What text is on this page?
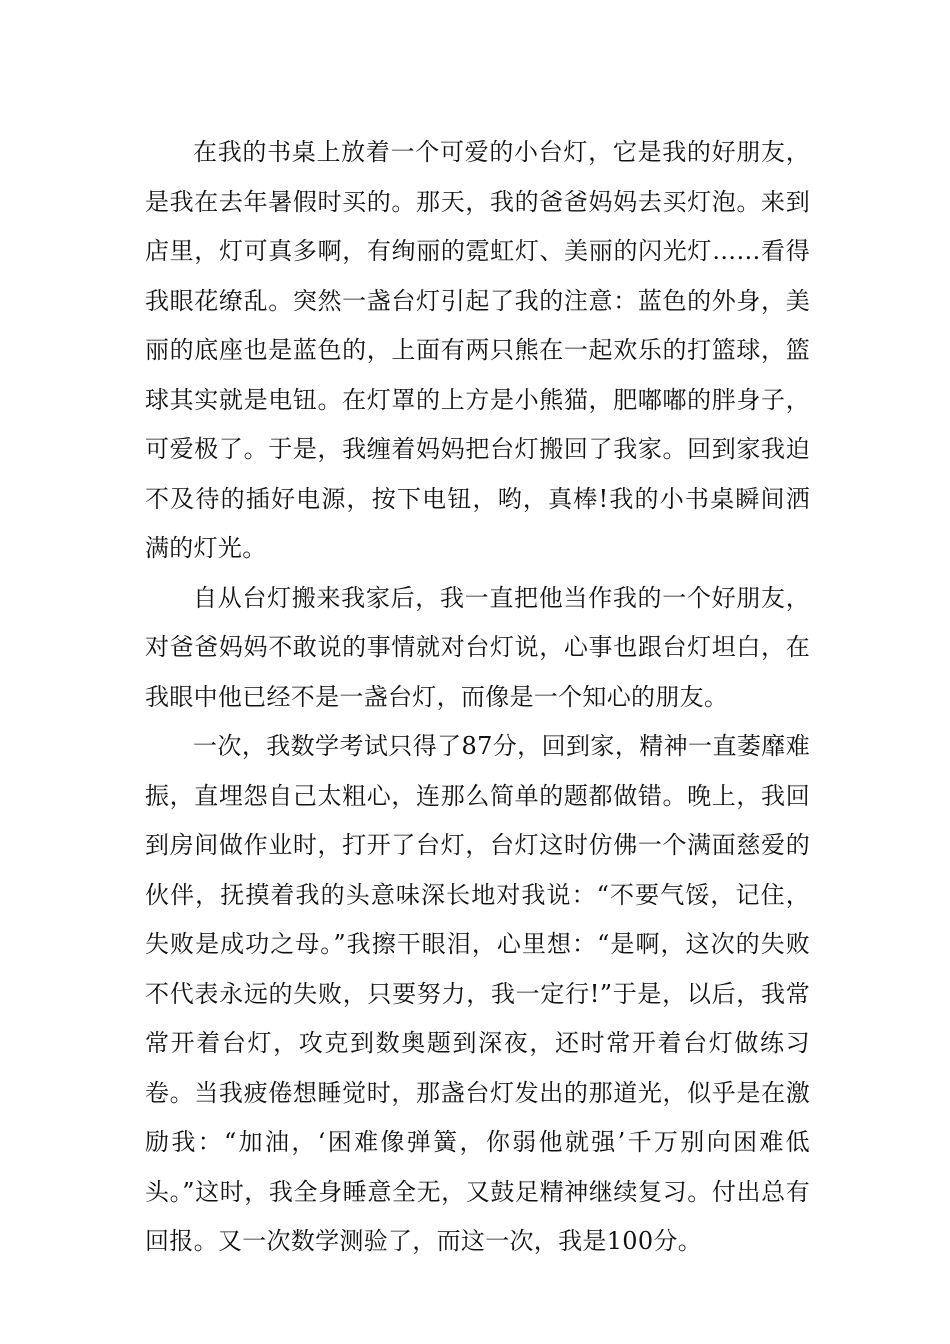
在我的书桌上放着一个可爱的小台灯，它是我的好朋友，是我在去年暑假时买的。那天，我的爸爸妈妈去买灯泡。来到店里，灯可真多啊，有绚丽的霓虹灯、美丽的闪光灯……看得我眼花缭乱。突然一盏台灯引起了我的注意：蓝色的外身，美丽的底座也是蓝色的，上面有两只熊在一起欢乐的打篮球，篮球其实就是电钮。在灯罩的上方是小熊猫，肥嘟嘟的胖身子，可爱极了。于是，我缠着妈妈把台灯搬回了我家。回到家我迫不及待的插好电源，按下电钮，哟，真棒!我的小书桌瞬间洒满的灯光。

自从台灯搬来我家后，我一直把他当作我的一个好朋友，对爸爸妈妈不敢说的事情就对台灯说，心事也跟台灯坦白，在我眼中他已经不是一盏台灯，而像是一个知心的朋友。

一次，我数学考试只得了87分，回到家，精神一直萎靡难振，直埋怨自己太粗心，连那么简单的题都做错。晚上，我回到房间做作业时，打开了台灯，台灯这时仿佛一个满面慈爱的伙伴，抚摸着我的头意味深长地对我说：“不要气馁，记住，失败是成功之母。”我擦干眼泪，心里想：“是啊，这次的失败不代表永远的失败，只要努力，我一定行!”于是，以后，我常常开着台灯，攻克到数奥题到深夜，还时常开着台灯做练习卷。当我疲倦想睡觉时，那盏台灯发出的那道光，似乎是在激励我：“加油，‘困难像弹簧，你弱他就强’千万别向困难低头。”这时，我全身睡意全无，又鼓足精神继续复习。付出总有回报。又一次数学测验了，而这一次，我是100分。
